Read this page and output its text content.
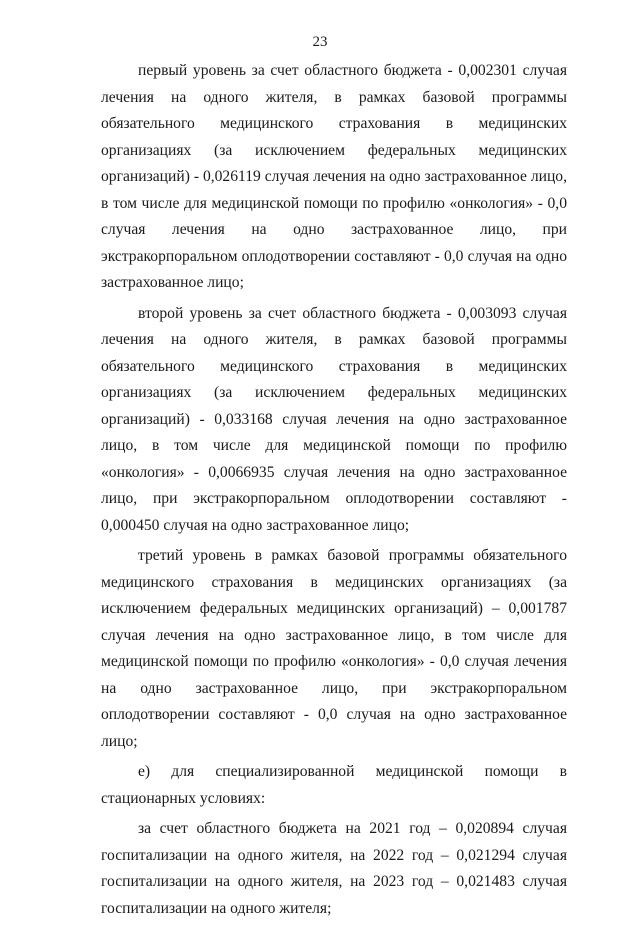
23

первый уровень за счет областного бюджета - 0,002301 случая лечения на одного жителя, в рамках базовой программы обязательного медицинского страхования в медицинских организациях (за исключением федеральных медицинских организаций) - 0,026119 случая лечения на одно застрахованное лицо, в том числе для медицинской помощи по профилю «онкология» - 0,0 случая лечения на одно застрахованное лицо, при экстракорпоральном оплодотворении составляют - 0,0 случая на одно застрахованное лицо;

второй уровень за счет областного бюджета - 0,003093 случая лечения на одного жителя, в рамках базовой программы обязательного медицинского страхования в медицинских организациях (за исключением федеральных медицинских организаций) - 0,033168 случая лечения на одно застрахованное лицо, в том числе для медицинской помощи по профилю «онкология» - 0,0066935 случая лечения на одно застрахованное лицо, при экстракорпоральном оплодотворении составляют - 0,000450 случая на одно застрахованное лицо;

третий уровень в рамках базовой программы обязательного медицинского страхования в медицинских организациях (за исключением федеральных медицинских организаций) – 0,001787 случая лечения на одно застрахованное лицо, в том числе для медицинской помощи по профилю «онкология» - 0,0 случая лечения на одно застрахованное лицо, при экстракорпоральном оплодотворении составляют - 0,0 случая на одно застрахованное лицо;

е) для специализированной медицинской помощи в стационарных условиях:

за счет областного бюджета на 2021 год – 0,020894 случая госпитализации на одного жителя, на 2022 год – 0,021294 случая госпитализации на одного жителя, на 2023 год – 0,021483 случая госпитализации на одного жителя;
